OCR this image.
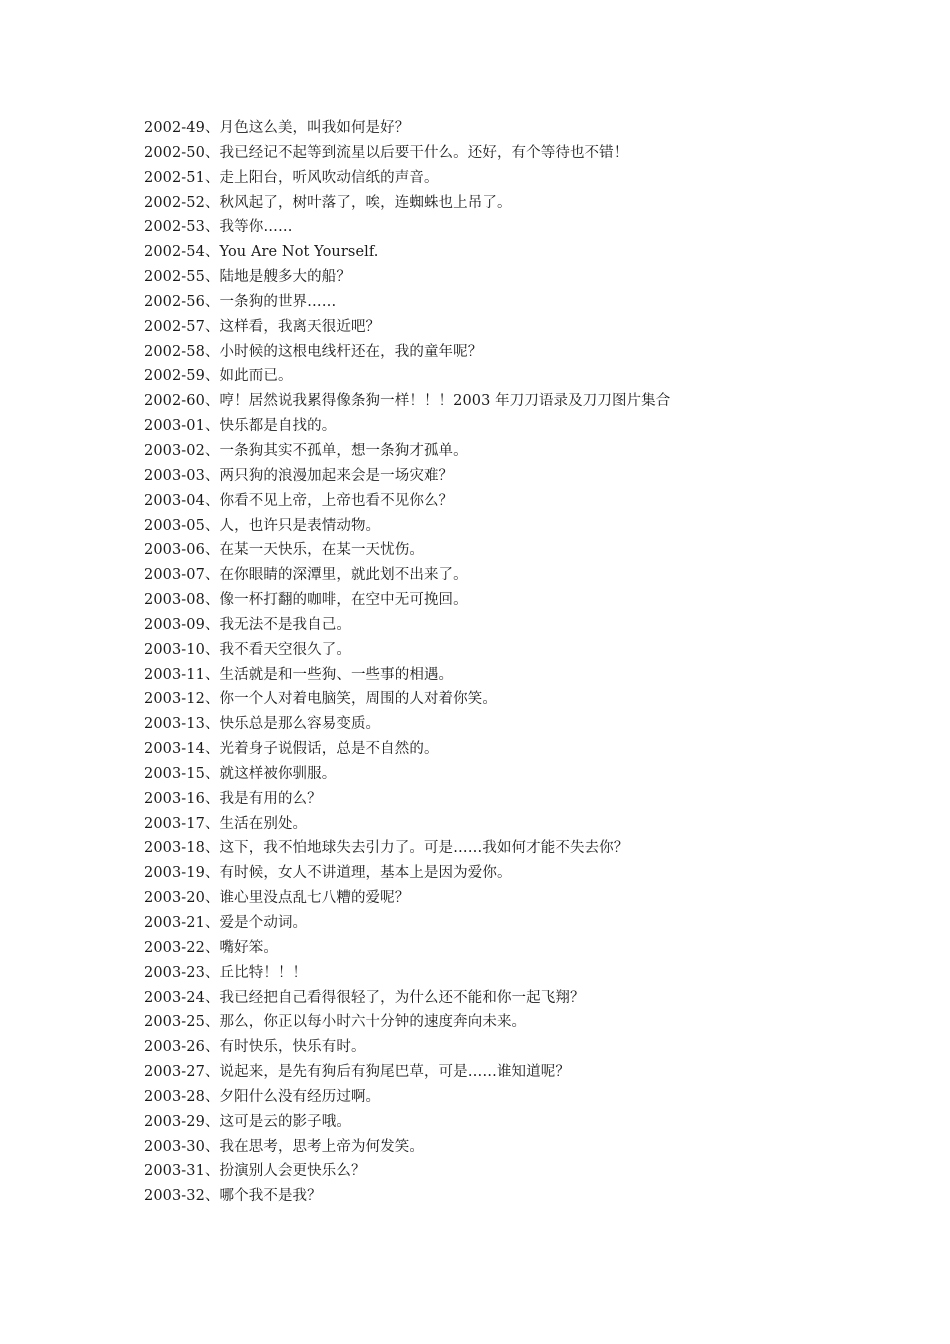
2002-49、月色这么美，叫我如何是好？
2002-50、我已经记不起等到流星以后要干什么。还好，有个等待也不错！
2002-51、走上阳台，听风吹动信纸的声音。
2002-52、秋风起了，树叶落了，唉，连蜘蛛也上吊了。
2002-53、我等你……
2002-54、You Are Not Yourself.
2002-55、陆地是艘多大的船？
2002-56、一条狗的世界……
2002-57、这样看，我离天很近吧？
2002-58、小时候的这根电线杆还在，我的童年呢？
2002-59、如此而已。
2002-60、哼！居然说我累得像条狗一样！！！2003 年刀刀语录及刀刀图片集合
2003-01、快乐都是自找的。
2003-02、一条狗其实不孤单，想一条狗才孤单。
2003-03、两只狗的浪漫加起来会是一场灾难？
2003-04、你看不见上帝，上帝也看不见你么？
2003-05、人，也许只是表情动物。
2003-06、在某一天快乐，在某一天忧伤。
2003-07、在你眼睛的深潭里，就此划不出来了。
2003-08、像一杯打翻的咖啡，在空中无可挽回。
2003-09、我无法不是我自己。
2003-10、我不看天空很久了。
2003-11、生活就是和一些狗、一些事的相遇。
2003-12、你一个人对着电脑笑，周围的人对着你笑。
2003-13、快乐总是那么容易变质。
2003-14、光着身子说假话，总是不自然的。
2003-15、就这样被你驯服。
2003-16、我是有用的么？
2003-17、生活在别处。
2003-18、这下，我不怕地球失去引力了。可是……我如何才能不失去你？
2003-19、有时候，女人不讲道理，基本上是因为爱你。
2003-20、谁心里没点乱七八糟的爱呢？
2003-21、爱是个动词。
2003-22、嘴好笨。
2003-23、丘比特！！！
2003-24、我已经把自己看得很轻了，为什么还不能和你一起飞翔？
2003-25、那么，你正以每小时六十分钟的速度奔向未来。
2003-26、有时快乐，快乐有时。
2003-27、说起来，是先有狗后有狗尾巴草，可是……谁知道呢？
2003-28、夕阳什么没有经历过啊。
2003-29、这可是云的影子哦。
2003-30、我在思考，思考上帝为何发笑。
2003-31、扮演别人会更快乐么？
2003-32、哪个我不是我？
